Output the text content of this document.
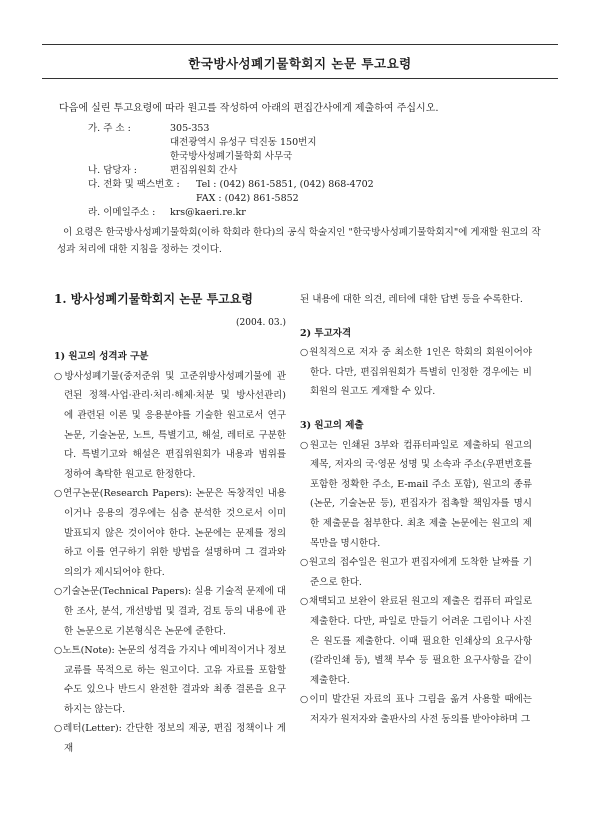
한국방사성폐기물학회지 논문 투고요령
다음에 실린 투고요령에 따라 원고를 작성하여 아래의 편집간사에게 제출하여 주십시오.
가. 주 소 :	305-353
대전광역시 유성구 덕진동 150번지
한국방사성폐기물학회 사무국
나. 담당자 :	편집위원회 간사
다. 전화 및 팩스번호 :	Tel : (042) 861-5851, (042) 868-4702
FAX : (042) 861-5852
라. 이메일주소 :	krs@kaeri.re.kr
이 요령은 한국방사성폐기물학회(이하 학회라 한다)의 공식 학술지인 "한국방사성폐기물학회지"에 게재할 원고의 작성과 처리에 대한 지침을 정하는 것이다.
1. 방사성폐기물학회지 논문 투고요령
(2004. 03.)
1) 원고의 성격과 구분
○방사성폐기물(중저준위 및 고준위방사성폐기물에 관련된 정책·사업·관리·처리·해체·처분 및 방사선관리) 에 관련된 이론 및 응용분야를 기술한 원고로서 연구논문, 기술논문, 노트, 특별기고, 해설, 레터로 구분한다. 특별기고와 해설은 편집위원회가 내용과 범위를 정하여 촉탁한 원고로 한정한다.
○연구논문(Research Papers): 논문은 독창적인 내용이거나 응용의 경우에는 심층 분석한 것으로서 이미 발표되지 않은 것이어야 한다. 논문에는 문제를 정의하고 이를 연구하기 위한 방법을 설명하며 그 결과와 의의가 제시되어야 한다.
○기술논문(Technical Papers): 실용 기술적 문제에 대한 조사, 분석, 개선방법 및 결과, 검토 등의 내용에 관한 논문으로 기본형식은 논문에 준한다.
○노트(Note): 논문의 성격을 가지나 예비적이거나 정보교류를 목적으로 하는 원고이다. 고유 자료를 포함할 수도 있으나 반드시 완전한 결과와 최종 결론을 요구하지는 않는다.
○레터(Letter): 간단한 정보의 제공, 편집 정책이나 게재
된 내용에 대한 의견, 레터에 대한 답변 등을 수록한다.
2) 투고자격
○원칙적으로 저자 중 최소한 1인은 학회의 회원이어야 한다. 다만, 편집위원회가 특별히 인정한 경우에는 비회원의 원고도 게재할 수 있다.
3) 원고의 제출
○원고는 인쇄된 3부와 컴퓨터파일로 제출하되 원고의 제목, 저자의 국·영문 성명 및 소속과 주소(우편번호를 포함한 정확한 주소, E-mail 주소 포함), 원고의 종류(논문, 기술논문 등), 편집자가 접촉할 책임자를 명시한 제출문을 첨부한다. 최초 제출 논문에는 원고의 제목만을 명시한다.
○원고의 접수일은 원고가 편집자에게 도착한 날짜를 기준으로 한다.
○채택되고 보완이 완료된 원고의 제출은 컴퓨터 파일로 제출한다. 다만, 파일로 만들기 어려운 그림이나 사진은 원도를 제출한다. 이때 필요한 인쇄상의 요구사항(칼라인쇄 등), 별책 부수 등 필요한 요구사항을 같이 제출한다.
○이미 발간된 자료의 표나 그림을 옮겨 사용할 때에는 저자가 원저자와 출판사의 사전 동의를 받아야하며 그
